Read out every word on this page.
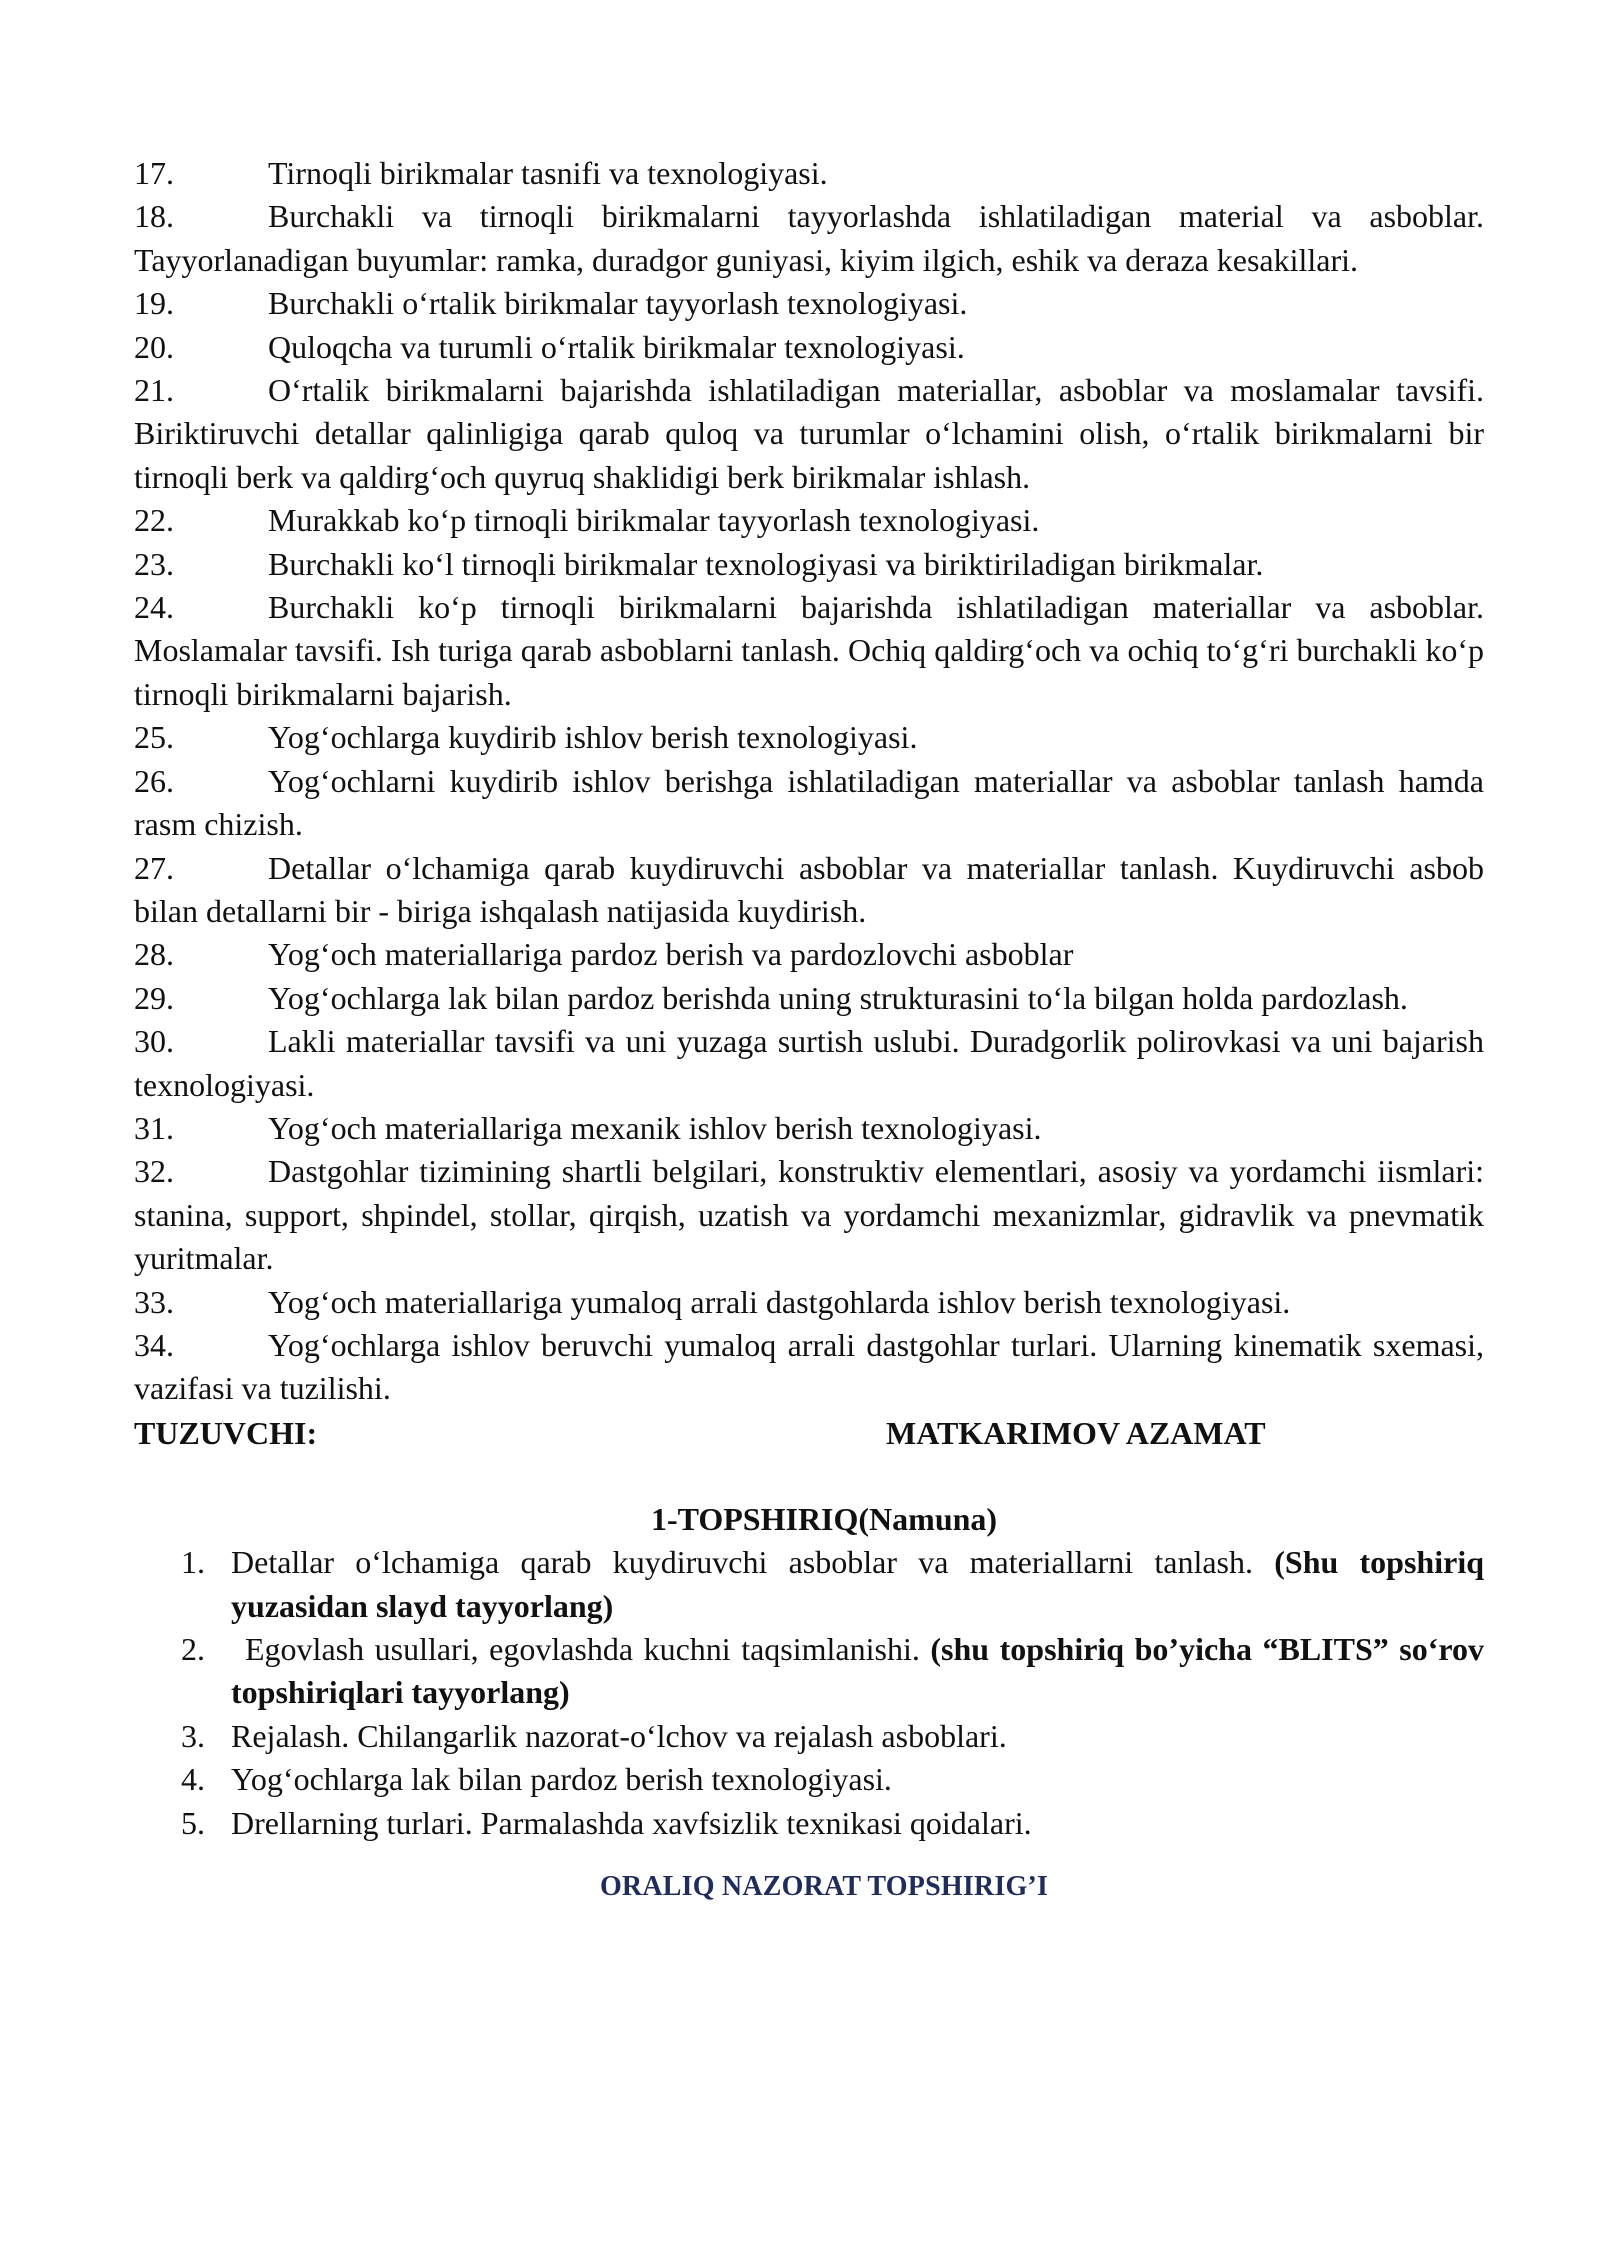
17.	Tirnoqli birikmalar tasnifi va texnologiyasi.

18.	Burchakli va tirnoqli birikmalarni tayyorlashda ishlatiladigan material va asboblar. Tayyorlanadigan buyumlar: ramka, duradgor guniyasi, kiyim ilgich, eshik va deraza kesakillari.

19.	Burchakli o‘rtalik birikmalar tayyorlash texnologiyasi.

20.	Quloqcha va turumli o‘rtalik birikmalar texnologiyasi.

21.	O‘rtalik birikmalarni bajarishda ishlatiladigan materiallar, asboblar va moslamalar tavsifi. Biriktiruvchi detallar qalinligiga qarab quloq va turumlar o‘lchamini olish, o‘rtalik birikmalarni bir tirnoqli berk va qaldirg‘och quyruq shaklidigi berk birikmalar ishlash.

22.	Murakkab ko‘p tirnoqli birikmalar tayyorlash texnologiyasi.

23.	Burchakli ko‘l tirnoqli birikmalar texnologiyasi va biriktiriladigan birikmalar.

24.	Burchakli ko‘p tirnoqli birikmalarni bajarishda ishlatiladigan materiallar va asboblar. Moslamalar tavsifi. Ish turiga qarab asboblarni tanlash. Ochiq qaldirg‘och va ochiq to‘g‘ri burchakli ko‘p tirnoqli birikmalarni bajarish.

25.	Yog‘ochlarga kuydirib ishlov berish texnologiyasi.

26.	Yog‘ochlarni kuydirib ishlov berishga ishlatiladigan materiallar va asboblar tanlash hamda rasm chizish.

27.	Detallar o‘lchamiga qarab kuydiruvchi asboblar va materiallar tanlash. Kuydiruvchi asbob bilan detallarni bir - biriga ishqalash natijasida kuydirish.

28.	Yog‘och materiallariga pardoz berish va pardozlovchi asboblar

29.	Yog‘ochlarga lak bilan pardoz berishda uning strukturasini to‘la bilgan holda pardozlash.

30.	Lakli materiallar tavsifi va uni yuzaga surtish uslubi. Duradgorlik polirovkasi va uni bajarish texnologiyasi.

31.	Yog‘och materiallariga mexanik ishlov berish texnologiyasi.

32.	Dastgohlar tizimining shartli belgilari, konstruktiv elementlari, asosiy va yordamchi iismlari: stanina, support, shpindel, stollar, qirqish, uzatish va yordamchi mexanizmlar, gidravlik va pnevmatik yuritmalar.

33.	Yog‘och materiallariga yumaloq arrali dastgohlarda ishlov berish texnologiyasi.

34.	Yog‘ochlarga ishlov beruvchi yumaloq arrali dastgohlar turlari. Ularning kinematik sxemasi, vazifasi va tuzilishi.

TUZUVCHI:	MATKARIMOV AZAMAT
1-TOPSHIRIQ(Namuna)
1. Detallar o‘lchamiga qarab kuydiruvchi asboblar va materiallarni tanlash. (Shu topshiriq yuzasidan slayd tayyorlang)
2. Egovlash usullari, egovlashda kuchni taqsimlanishi. (shu topshiriq bo’yicha “BLITS” so‘rov topshiriqlari tayyorlang)
3. Rejalash. Chilangarlik nazorat-o‘lchov va rejalash asboblari.
4. Yog‘ochlarga lak bilan pardoz berish texnologiyasi.
5. Drellarning turlari. Parmalashda xavfsizlik texnikasi qoidalari.
ORALIQ NAZORAT TOPSHIRIG’I
